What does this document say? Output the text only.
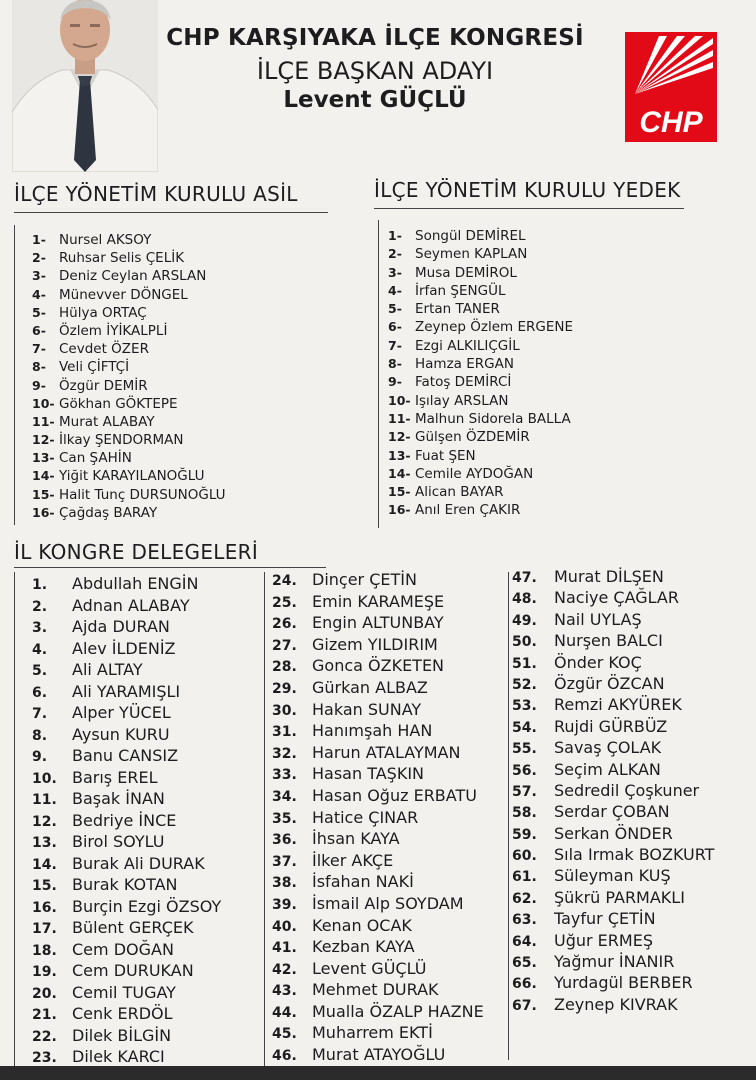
CHP KARŞIYAKA İLÇE KONGRESİ
İLÇE BAŞKAN ADAYI
Levent GÜÇLÜ
CHP
İLÇE YÖNETİM KURULU ASİL
1- Nursel AKSOY
2- Ruhsar Selis ÇELİK
3- Deniz Ceylan ARSLAN
4- Münevver DÖNGEL
5- Hülya ORTAÇ
6- Özlem İYİKALPLİ
7- Cevdet ÖZER
8- Veli ÇİFTÇİ
9- Özgür DEMİR
10- Gökhan GÖKTEPE
11- Murat ALABAY
12- İlkay ŞENDORMAN
13- Can ŞAHİN
14- Yiğit KARAYILANOĞLU
15- Halit Tunç DURSUNOĞLU
16- Çağdaş BARAY
İLÇE YÖNETİM KURULU YEDEK
1- Songül DEMİREL
2- Seymen KAPLAN
3- Musa DEMİROL
4- İrfan ŞENGÜL
5- Ertan TANER
6- Zeynep Özlem ERGENE
7- Ezgi ALKILIÇGİL
8- Hamza ERGAN
9- Fatoş DEMİRCİ
10- Işılay ARSLAN
11- Malhun Sidorela BALLA
12- Gülşen ÖZDEMİR
13- Fuat ŞEN
14- Cemile AYDOĞAN
15- Alican BAYAR
16- Anıl Eren ÇAKIR
İL KONGRE DELEGELERİ
1.	Abdullah ENGİN
2.	Adnan ALABAY
3.	Ajda DURAN
4.	Alev İLDENİZ
5.	Ali ALTAY
6.	Ali YARAMIŞLI
7.	Alper YÜCEL
8.	Aysun KURU
9.	Banu CANSIZ
10. Barış EREL
11. Başak İNAN
12. Bedriye İNCE
13. Birol SOYLU
14. Burak Ali DURAK
15. Burak KOTAN
16. Burçin Ezgi ÖZSOY
17. Bülent GERÇEK
18. Cem DOĞAN
19. Cem DURUKAN
20. Cemil TUGAY
21. Cenk ERDÖL
22. Dilek BİLGİN
23. Dilek KARCI
24. Dinçer ÇETİN
25. Emin KARAMEŞE
26. Engin ALTUNBAY
27. Gizem YILDIRIM
28. Gonca ÖZKETEN
29. Gürkan ALBAZ
30. Hakan SUNAY
31. Hanımşah HAN
32. Harun ATALAYMAN
33. Hasan TAŞKIN
34. Hasan Oğuz ERBATU
35. Hatice ÇINAR
36. İhsan KAYA
37. İlker AKÇE
38. İsfahan NAKİ
39. İsmail Alp SOYDAM
40. Kenan OCAK
41. Kezban KAYA
42. Levent GÜÇLÜ
43. Mehmet DURAK
44. Mualla ÖZALP HAZNE
45. Muharrem EKTİ
46. Murat ATAYOĞLU
47.	Murat DİLŞEN
48.	Naciye ÇAĞLAR
49.	Nail UYLAŞ
50.	Nurşen BALCI
51.	Önder KOÇ
52.	Özgür ÖZCAN
53.	Remzi AKYÜREK
54.	Rujdi GÜRBÜZ
55.	Savaş ÇOLAK
56.	Seçim ALKAN
57.	Sedredil Çoşkuner
58.	Serdar ÇOBAN
59.	Serkan ÖNDER
60.	Sıla Irmak BOZKURT
61.	Süleyman KUŞ
62.	Şükrü PARMAKLI
63.	Tayfur ÇETİN
64.	Uğur ERMEŞ
65.	Yağmur İNANIR
66.	Yurdagül BERBER
67.	Zeynep KIVRAK
